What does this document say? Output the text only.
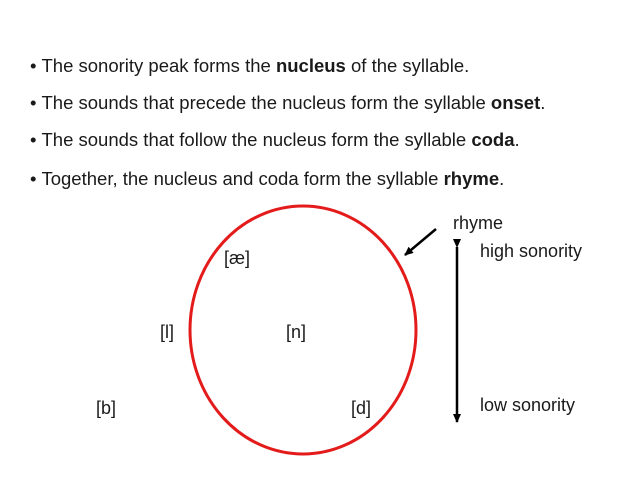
• The sonority peak forms the nucleus of the syllable.
• The sounds that precede the nucleus form the syllable onset.
• The sounds that follow the nucleus form the syllable coda.
• Together, the nucleus and coda form the syllable rhyme.
rhyme
high sonority
low sonority
[æ]
[l]	[n]
[b]	[d]
